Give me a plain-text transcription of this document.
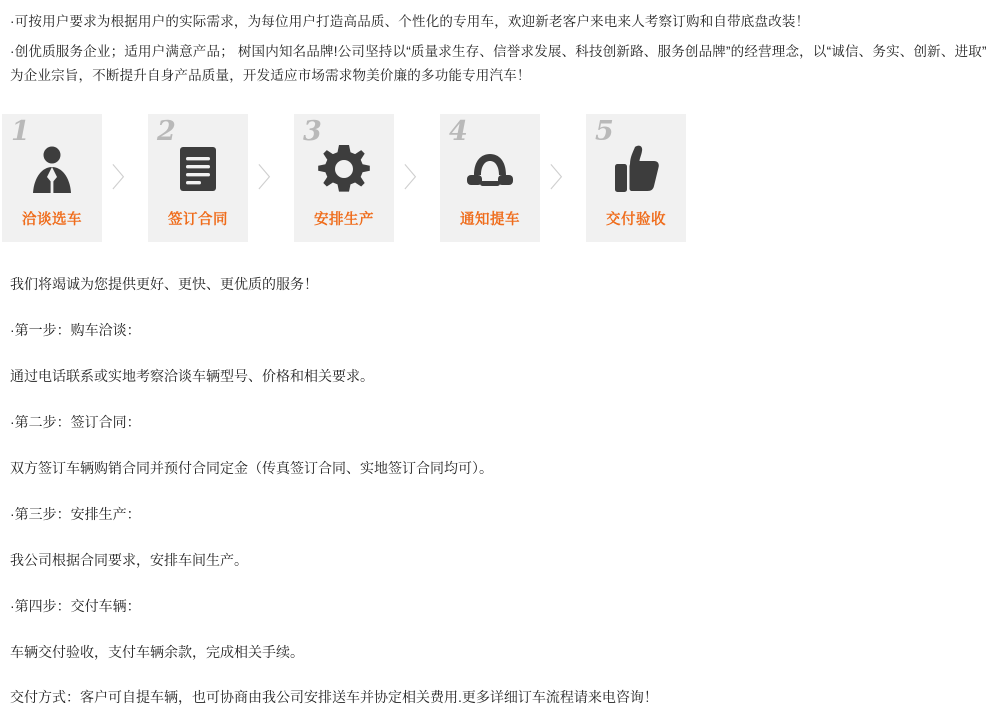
·可按用户要求为根据用户的实际需求，为每位用户打造高品质、个性化的专用车，欢迎新老客户来电来人考察订购和自带底盘改装！

·创优质服务企业；适用户满意产品； 树国内知名品牌!公司坚持以“质量求生存、信誉求发展、科技创新路、服务创品牌”的经营理念，以“诚信、务实、创新、进取”为企业宗旨，不断提升自身产品质量，开发适应市场需求物美价廉的多功能专用汽车！

1
洽谈选车
〉
2
签订合同
〉
3
安排生产
〉
4
通知提车
〉
5
交付验收

我们将竭诚为您提供更好、更快、更优质的服务！

·第一步：购车洽谈：

通过电话联系或实地考察洽谈车辆型号、价格和相关要求。

·第二步：签订合同：

双方签订车辆购销合同并预付合同定金（传真签订合同、实地签订合同均可）。

·第三步：安排生产：

我公司根据合同要求，安排车间生产。

·第四步：交付车辆：

车辆交付验收，支付车辆余款，完成相关手续。

交付方式：客户可自提车辆，也可协商由我公司安排送车并协定相关费用.更多详细订车流程请来电咨询！
